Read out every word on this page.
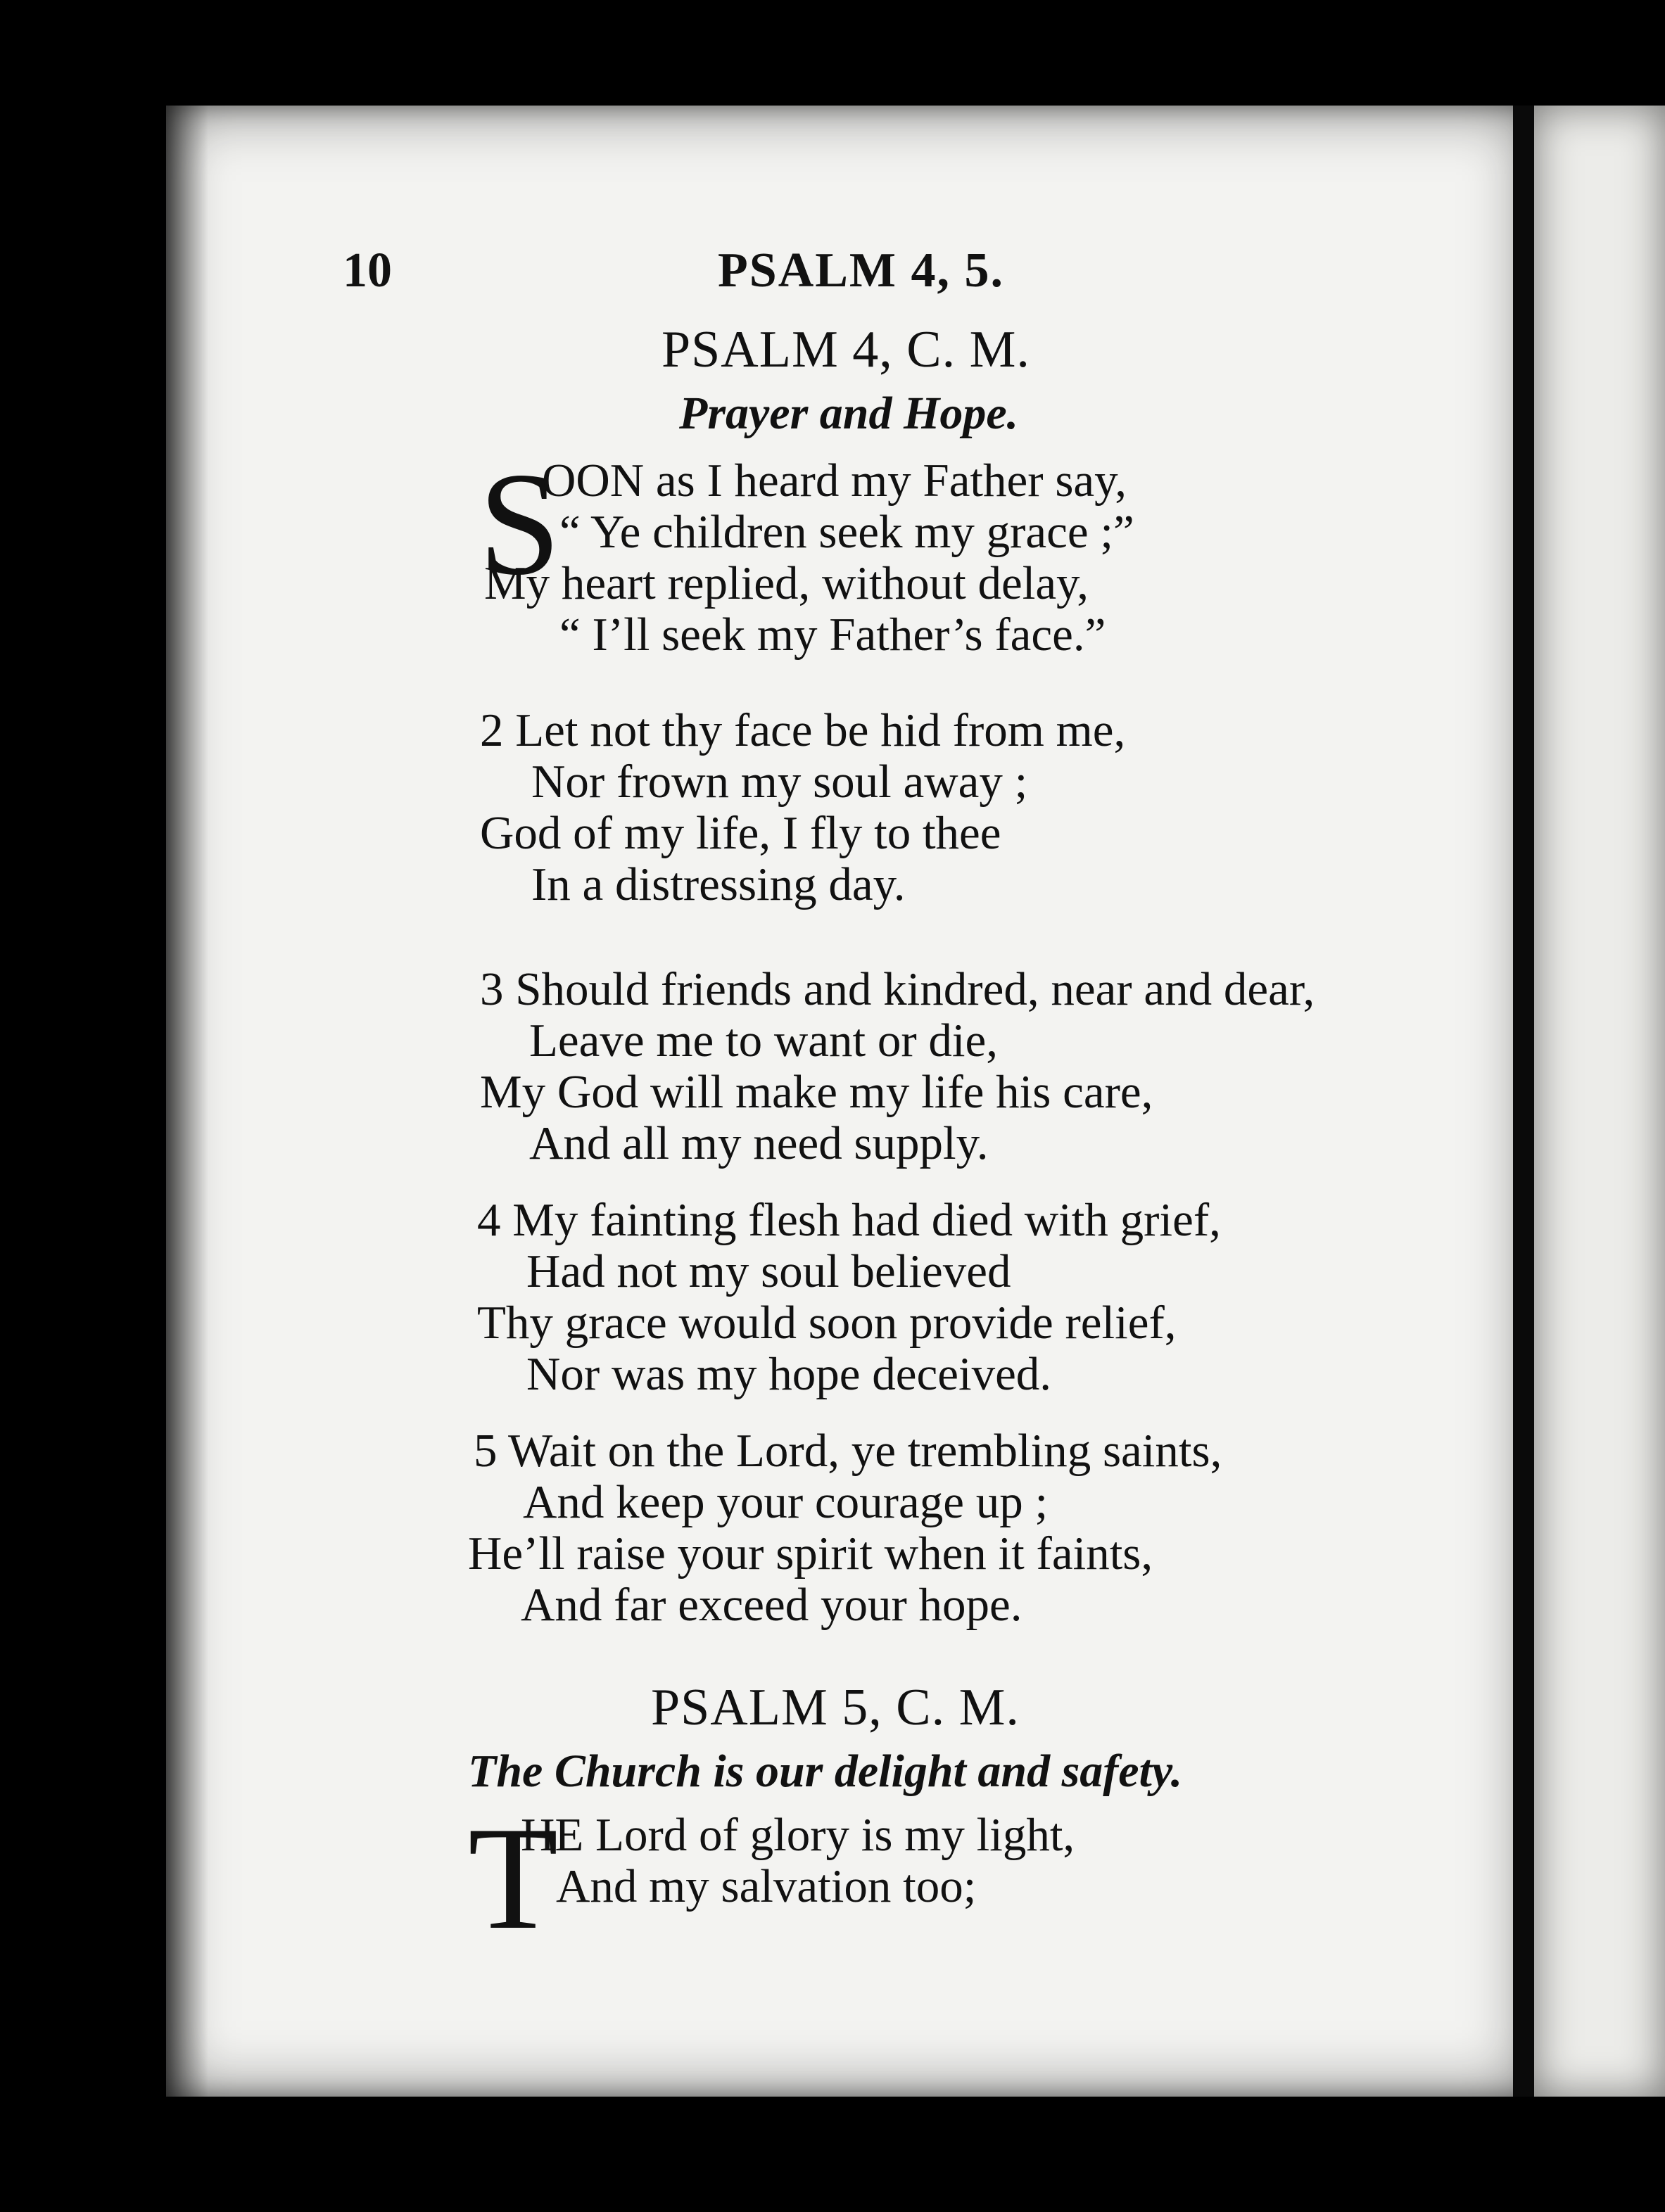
10	PSALM 4, 5.
PSALM 4, C. M.
Prayer and Hope.
S
OON as I heard my Father say,
“ Ye children seek my grace ;”
My heart replied, without delay,
“ I’ll seek my Father’s face.”
2 Let not thy face be hid from me,
Nor frown my soul away ;
God of my life, I fly to thee
In a distressing day.
3 Should friends and kindred, near and dear,
Leave me to want or die,
My God will make my life his care,
And all my need supply.
4 My fainting flesh had died with grief,
Had not my soul believed
Thy grace would soon provide relief,
Nor was my hope deceived.
5 Wait on the Lord, ye trembling saints,
And keep your courage up ;
He’ll raise your spirit when it faints,
And far exceed your hope.
PSALM 5, C. M.
The Church is our delight and safety.
T
HE Lord of glory is my light,
And my salvation too;
